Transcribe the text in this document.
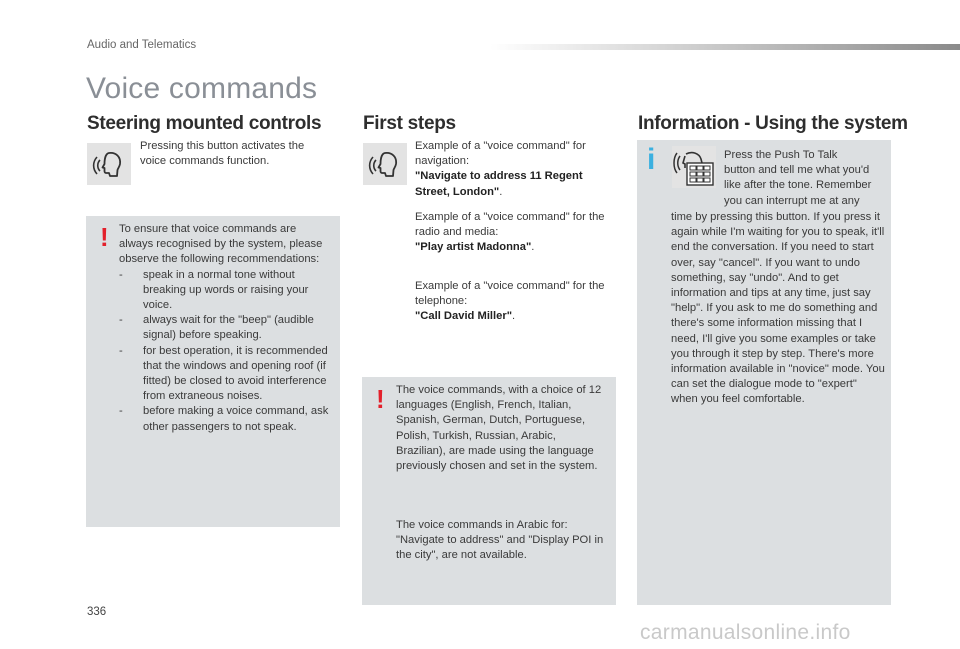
Audio and Telematics
Voice commands
Steering mounted controls
Pressing this button activates the voice commands function.
! To ensure that voice commands are always recognised by the system, please observe the following recommendations:
- speak in a normal tone without breaking up words or raising your voice.
- always wait for the "beep" (audible signal) before speaking.
- for best operation, it is recommended that the windows and opening roof (if fitted) be closed to avoid interference from extraneous noises.
- before making a voice command, ask other passengers to not speak.
First steps
Example of a "voice command" for navigation:
"Navigate to address 11 Regent Street, London".
Example of a "voice command" for the radio and media:
"Play artist Madonna".
Example of a "voice command" for the telephone:
"Call David Miller".
! The voice commands, with a choice of 12 languages (English, French, Italian, Spanish, German, Dutch, Portuguese, Polish, Turkish, Russian, Arabic, Brazilian), are made using the language previously chosen and set in the system.
The voice commands in Arabic for: "Navigate to address" and "Display POI in the city", are not available.
Information - Using the system
i	Press the Push To Talk
button and tell me what you'd
like after the tone. Remember
you can interrupt me at any
time by pressing this button. If you press it again while I'm waiting for you to speak, it'll end the conversation. If you need to start over, say "cancel". If you want to undo something, say "undo". And to get information and tips at any time, just say "help". If you ask to me do something and there's some information missing that I need, I'll give you some examples or take you through it step by step. There's more information available in "novice" mode. You can set the dialogue mode to "expert" when you feel comfortable.
336
carmanualsonline.info
